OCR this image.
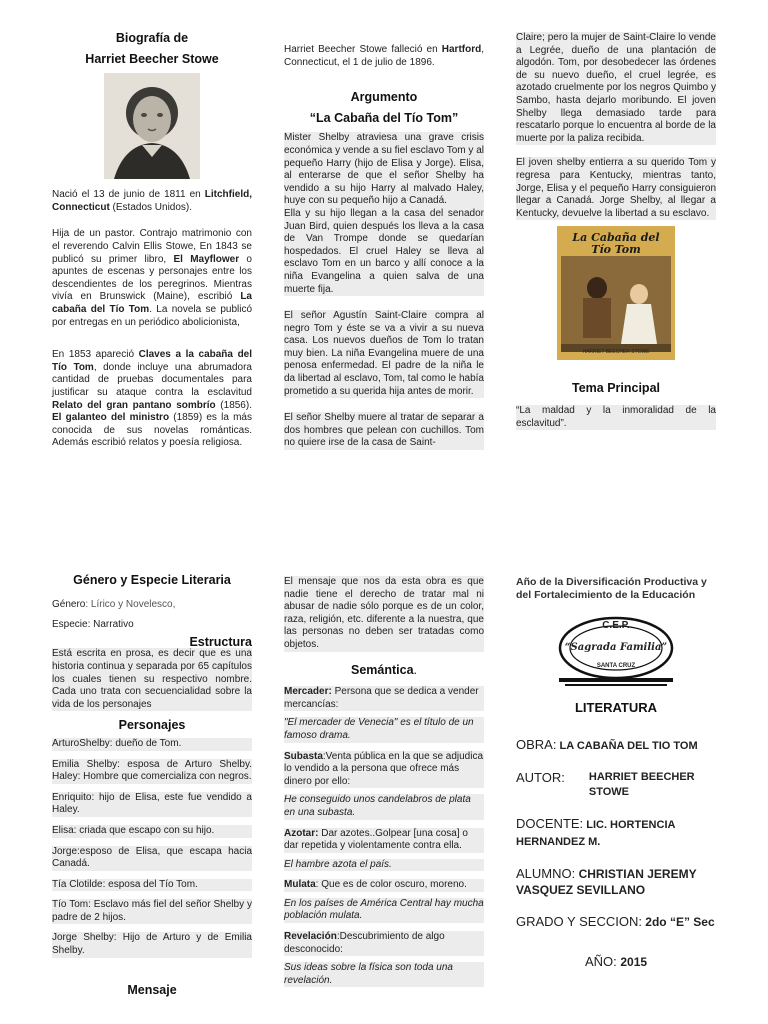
Biografía de
Harriet Beecher Stowe

Nació el 13 de junio de 1811 en Litchfield, Connecticut (Estados Unidos).

Hija de un pastor. Contrajo matrimonio con el reverendo Calvin Ellis Stowe, En 1843 se publicó su primer libro, El Mayflower o apuntes de escenas y personajes entre los descendientes de los peregrinos. Mientras vivía en Brunswick (Maine), escribió La cabaña del Tío Tom. La novela se publicó por entregas en un periódico abolicionista,

En 1853 apareció Claves a la cabaña del Tío Tom, donde incluye una abrumadora cantidad de pruebas documentales para justificar su ataque contra la esclavitud Relato del gran pantano sombrío (1856). El galanteo del ministro (1859) es la más conocida de sus novelas románticas. Además escribió relatos y poesía religiosa.

Harriet Beecher Stowe falleció en Hartford, Connecticut, el 1 de julio de 1896.

Argumento
“La Cabaña del Tío Tom”

Mister Shelby atraviesa una grave crisis económica y vende a su fiel esclavo Tom y al pequeño Harry (hijo de Elisa y Jorge). Elisa, al enterarse de que el señor Shelby ha vendido a su hijo Harry al malvado Haley, huye con su pequeño hijo a Canadá.

Ella y su hijo llegan a la casa del senador Juan Bird, quien después los lleva a la casa de Van Trompe donde se quedarían hospedados. El cruel Haley se lleva al esclavo Tom en un barco y allí conoce a la niña Evangelina a quien salva de una muerte fija.

El señor Agustín Saint-Claire compra al negro Tom y éste se va a vivir a su nueva casa. Los nuevos dueños de Tom lo tratan muy bien. La niña Evangelina muere de una penosa enfermedad. El padre de la niña le da libertad al esclavo, Tom, tal como le había prometido a su querida hija antes de morir.

El señor Shelby muere al tratar de separar a dos hombres que pelean con cuchillos. Tom no quiere irse de la casa de Saint-

Claire; pero la mujer de Saint-Claire lo vende a Legrée, dueño de una plantación de algodón. Tom, por desobedecer las órdenes de su nuevo dueño, el cruel legrée, es azotado cruelmente por los negros Quimbo y Sambo, hasta dejarlo moribundo. El joven Shelby llega demasiado tarde para rescatarlo porque lo encuentra al borde de la muerte por la paliza recibida.

El joven shelby entierra a su querido Tom y regresa para Kentucky, mientras tanto, Jorge, Elisa y el pequeño Harry consiguieron llegar a Canadá. Jorge Shelby, al llegar a Kentucky, devuelve la libertad a su esclavo.

La Cabaña del
Tío Tom
HARRIET BEECHER STOWE
Tema Principal

“La maldad y la inmoralidad de la esclavitud”.

Género y Especie Literaria

Género: Lírico y Novelesco,

Especie: Narrativo

Estructura

Está escrita en prosa, es decir que es una historia continua y separada por 65 capítulos los cuales tienen su respectivo nombre. Cada uno trata con secuencialidad sobre la vida de los personajes

Personajes

ArturoShelby: dueño de Tom.

Emilia Shelby: esposa de Arturo Shelby. Haley: Hombre que comercializa con negros.

Enriquito: hijo de Elisa, este fue vendido a Haley.

Elisa: criada que escapo con su hijo.

Jorge:esposo de Elisa, que escapa hacia Canadá.

Tía Clotilde: esposa del Tío Tom.

Tío Tom: Esclavo más fiel del señor Shelby y padre de 2 hijos.

Jorge Shelby: Hijo de Arturo y de Emilia Shelby.

Mensaje

El mensaje que nos da esta obra es que nadie tiene el derecho de tratar mal ni abusar de nadie sólo porque es de un color, raza, religión, etc. diferente a la nuestra, que las personas no deben ser tratadas como objetos.

Semántica.

Mercader: Persona que se dedica a vender mercancías:

"El mercader de Venecia" es el título de un famoso drama.

Subasta:Venta pública en la que se adjudica lo vendido a la persona que ofrece más dinero por ello:

He conseguido unos candelabros de plata en una subasta.

Azotar: Dar azotes..Golpear [una cosa] o dar repetida y violentamente contra ella.

El hambre azota el país.

Mulata: Que es de color oscuro, moreno.

En los países de América Central hay mucha población mulata.

Revelación:Descubrimiento de algo desconocido:

Sus ideas sobre la física son toda una revelación.

Año de la Diversificación Productiva y del Fortalecimiento de la Educación

C.E.P.
“Sagrada Familia”
SANTA CRUZ
LITERATURA

OBRA: LA CABAÑA DEL TIO TOM

AUTOR: HARRIET BEECHER STOWE

DOCENTE: LIC. HORTENCIA HERNANDEZ M.

ALUMNO: CHRISTIAN JEREMY VASQUEZ SEVILLANO

GRADO Y SECCION: 2do “E” Sec

AÑO: 2015
